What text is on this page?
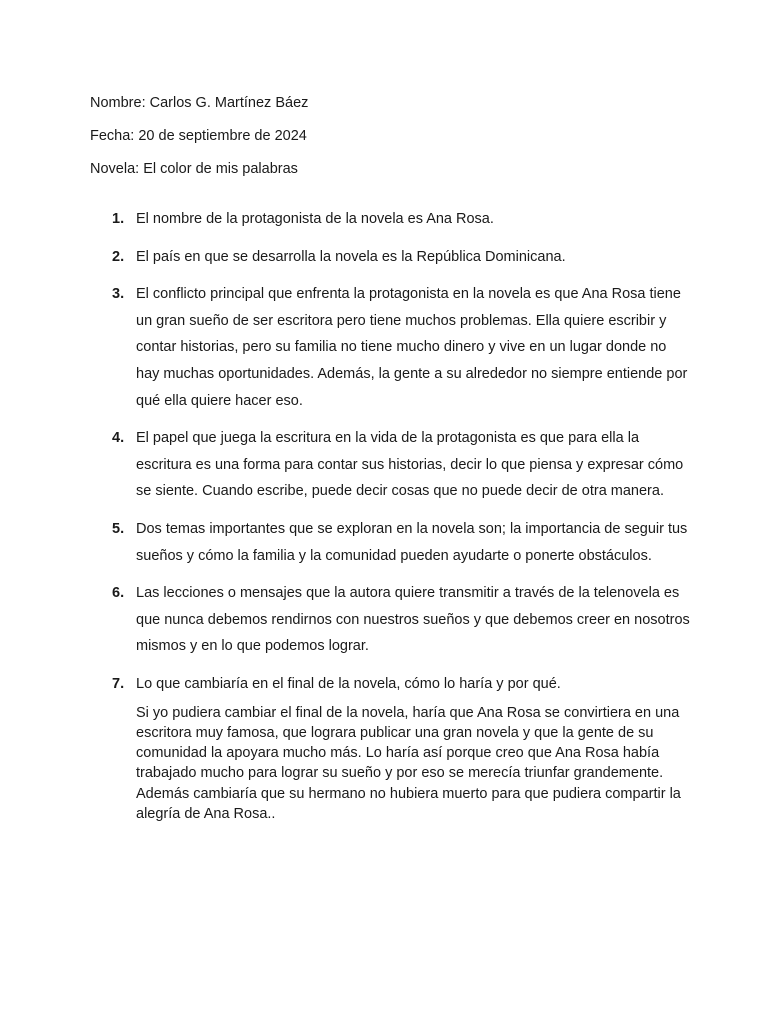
Nombre: Carlos G. Martínez Báez
Fecha: 20 de septiembre de 2024
Novela: El color de mis palabras
1. El nombre de la protagonista de la novela es Ana Rosa.
2. El país en que se desarrolla la novela es la República Dominicana.
3. El conflicto principal que enfrenta la protagonista en la novela es que Ana Rosa tiene un gran sueño de ser escritora pero tiene muchos problemas. Ella quiere escribir y contar historias, pero su familia no tiene mucho dinero y vive en un lugar donde no hay muchas oportunidades. Además, la gente a su alrededor no siempre entiende por qué ella quiere hacer eso.
4. El papel que juega la escritura en la vida de la protagonista es que para ella la escritura es una forma para contar sus historias, decir lo que piensa y expresar cómo se siente. Cuando escribe, puede decir cosas que no puede decir de otra manera.
5. Dos temas importantes que se exploran en la novela son; la importancia de seguir tus sueños y cómo la familia y la comunidad pueden ayudarte o ponerte obstáculos.
6. Las lecciones o mensajes que la autora quiere transmitir a través de la telenovela es que nunca debemos rendirnos con nuestros sueños y que debemos creer en nosotros mismos y en lo que podemos lograr.
7. Lo que cambiaría en el final de la novela, cómo lo haría y por qué.
Si yo pudiera cambiar el final de la novela, haría que Ana Rosa se convirtiera en una escritora muy famosa, que lograra publicar una gran novela y que la gente de su comunidad la apoyara mucho más. Lo haría así porque creo que Ana Rosa había trabajado mucho para lograr su sueño y por eso se merecía triunfar grandemente. Además cambiaría que su hermano no hubiera muerto para que pudiera compartir la alegría de Ana Rosa..
